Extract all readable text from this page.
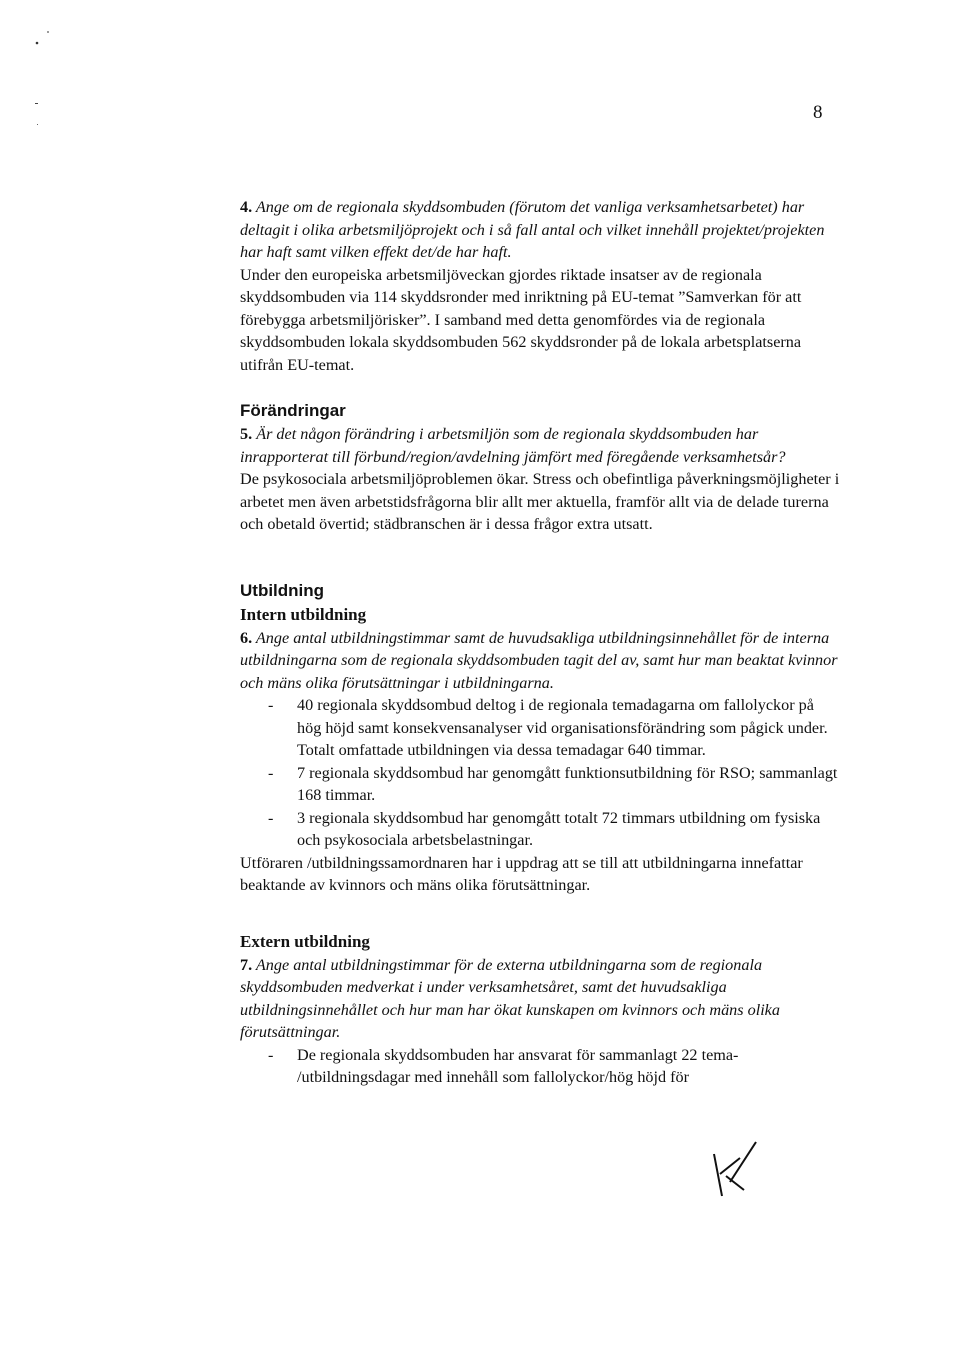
8

4. Ange om de regionala skyddsombuden (förutom det vanliga verksamhetsarbetet) har deltagit i olika arbetsmiljöprojekt och i så fall antal och vilket innehåll projektet/projekten har haft samt vilken effekt det/de har haft.

Under den europeiska arbetsmiljöveckan gjordes riktade insatser av de regionala skyddsombuden via 114 skyddsronder med inriktning på EU-temat ”Samverkan för att förebygga arbetsmiljörisker”. I samband med detta genomfördes via de regionala skyddsombuden lokala skyddsombuden 562 skyddsronder på de lokala arbetsplatserna utifrån EU-temat.

Förändringar

5. Är det någon förändring i arbetsmiljön som de regionala skyddsombuden har inrapporterat till förbund/region/avdelning jämfört med föregående verksamhetsår?

De psykosociala arbetsmiljöproblemen ökar. Stress och obefintliga påverkningsmöjligheter i arbetet men även arbetstidsfrågorna blir allt mer aktuella, framför allt via de delade turerna och obetald övertid; städbranschen är i dessa frågor extra utsatt.

Utbildning
Intern utbildning

6. Ange antal utbildningstimmar samt de huvudsakliga utbildningsinnehållet för de interna utbildningarna som de regionala skyddsombuden tagit del av, samt hur man beaktat kvinnor och mäns olika förutsättningar i utbildningarna.

- 40 regionala skyddsombud deltog i de regionala temadagarna om fallolyckor på hög höjd samt konsekvensanalyser vid organisationsförändring som pågick under. Totalt omfattade utbildningen via dessa temadagar 640 timmar.
- 7 regionala skyddsombud har genomgått funktionsutbildning för RSO; sammanlagt 168 timmar.
- 3 regionala skyddsombud har genomgått totalt 72 timmars utbildning om fysiska och psykosociala arbetsbelastningar.

Utföraren /utbildningssamordnaren har i uppdrag att se till att utbildningarna innefattar beaktande av kvinnors och mäns olika förutsättningar.

Extern utbildning

7. Ange antal utbildningstimmar för de externa utbildningarna som de regionala skyddsombuden medverkat i under verksamhetsåret, samt det huvudsakliga utbildningsinnehållet och hur man har ökat kunskapen om kvinnors och mäns olika förutsättningar.

- De regionala skyddsombuden har ansvarat för sammanlagt 22 tema- /utbildningsdagar med innehåll som fallolyckor/hög höjd för
